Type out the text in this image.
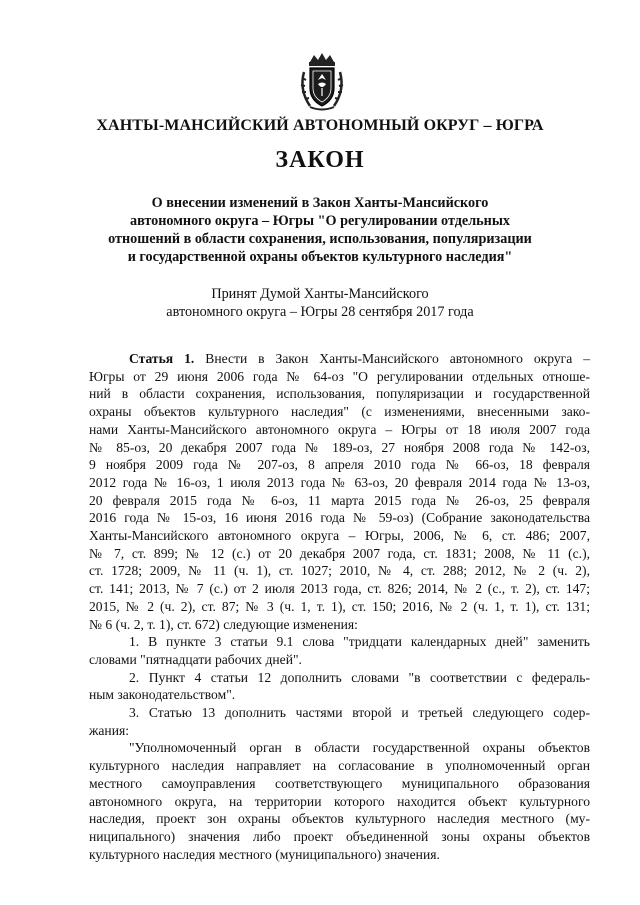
ХАНТЫ-МАНСИЙСКИЙ АВТОНОМНЫЙ ОКРУГ – ЮГРА
ЗАКОН
О внесении изменений в Закон Ханты-Мансийского
автономного округа – Югры "О регулировании отдельных
отношений в области сохранения, использования, популяризации
и государственной охраны объектов культурного наследия"
Принят Думой Ханты-Мансийского
автономного округа – Югры 28 сентября 2017 года
Статья 1. Внести в Закон Ханты-Мансийского автономного округа –
Югры от 29 июня 2006 года № 64-оз "О регулировании отдельных отноше-
ний в области сохранения, использования, популяризации и государственной
охраны объектов культурного наследия" (с изменениями, внесенными зако-
нами Ханты-Мансийского автономного округа – Югры от 18 июля 2007 года
№ 85-оз, 20 декабря 2007 года № 189-оз, 27 ноября 2008 года № 142-оз,
9 ноября 2009 года № 207-оз, 8 апреля 2010 года № 66-оз, 18 февраля
2012 года № 16-оз, 1 июля 2013 года № 63-оз, 20 февраля 2014 года № 13-оз,
20 февраля 2015 года № 6-оз, 11 марта 2015 года № 26-оз, 25 февраля
2016 года № 15-оз, 16 июня 2016 года № 59-оз) (Собрание законодательства
Ханты-Мансийского автономного округа – Югры, 2006, № 6, ст. 486; 2007,
№ 7, ст. 899; № 12 (с.) от 20 декабря 2007 года, ст. 1831; 2008, № 11 (с.),
ст. 1728; 2009, № 11 (ч. 1), ст. 1027; 2010, № 4, ст. 288; 2012, № 2 (ч. 2),
ст. 141; 2013, № 7 (с.) от 2 июля 2013 года, ст. 826; 2014, № 2 (с., т. 2), ст. 147;
2015, № 2 (ч. 2), ст. 87; № 3 (ч. 1, т. 1), ст. 150; 2016, № 2 (ч. 1, т. 1), ст. 131;
№ 6 (ч. 2, т. 1), ст. 672) следующие изменения:
1. В пункте 3 статьи 9.1 слова "тридцати календарных дней" заменить
словами "пятнадцати рабочих дней".
2. Пункт 4 статьи 12 дополнить словами "в соответствии с федераль-
ным законодательством".
3. Статью 13 дополнить частями второй и третьей следующего содер-
жания:
"Уполномоченный орган в области государственной охраны объектов
культурного наследия направляет на согласование в уполномоченный орган
местного самоуправления соответствующего муниципального образования
автономного округа, на территории которого находится объект культурного
наследия, проект зон охраны объектов культурного наследия местного (му-
ниципального) значения либо проект объединенной зоны охраны объектов
культурного наследия местного (муниципального) значения.
